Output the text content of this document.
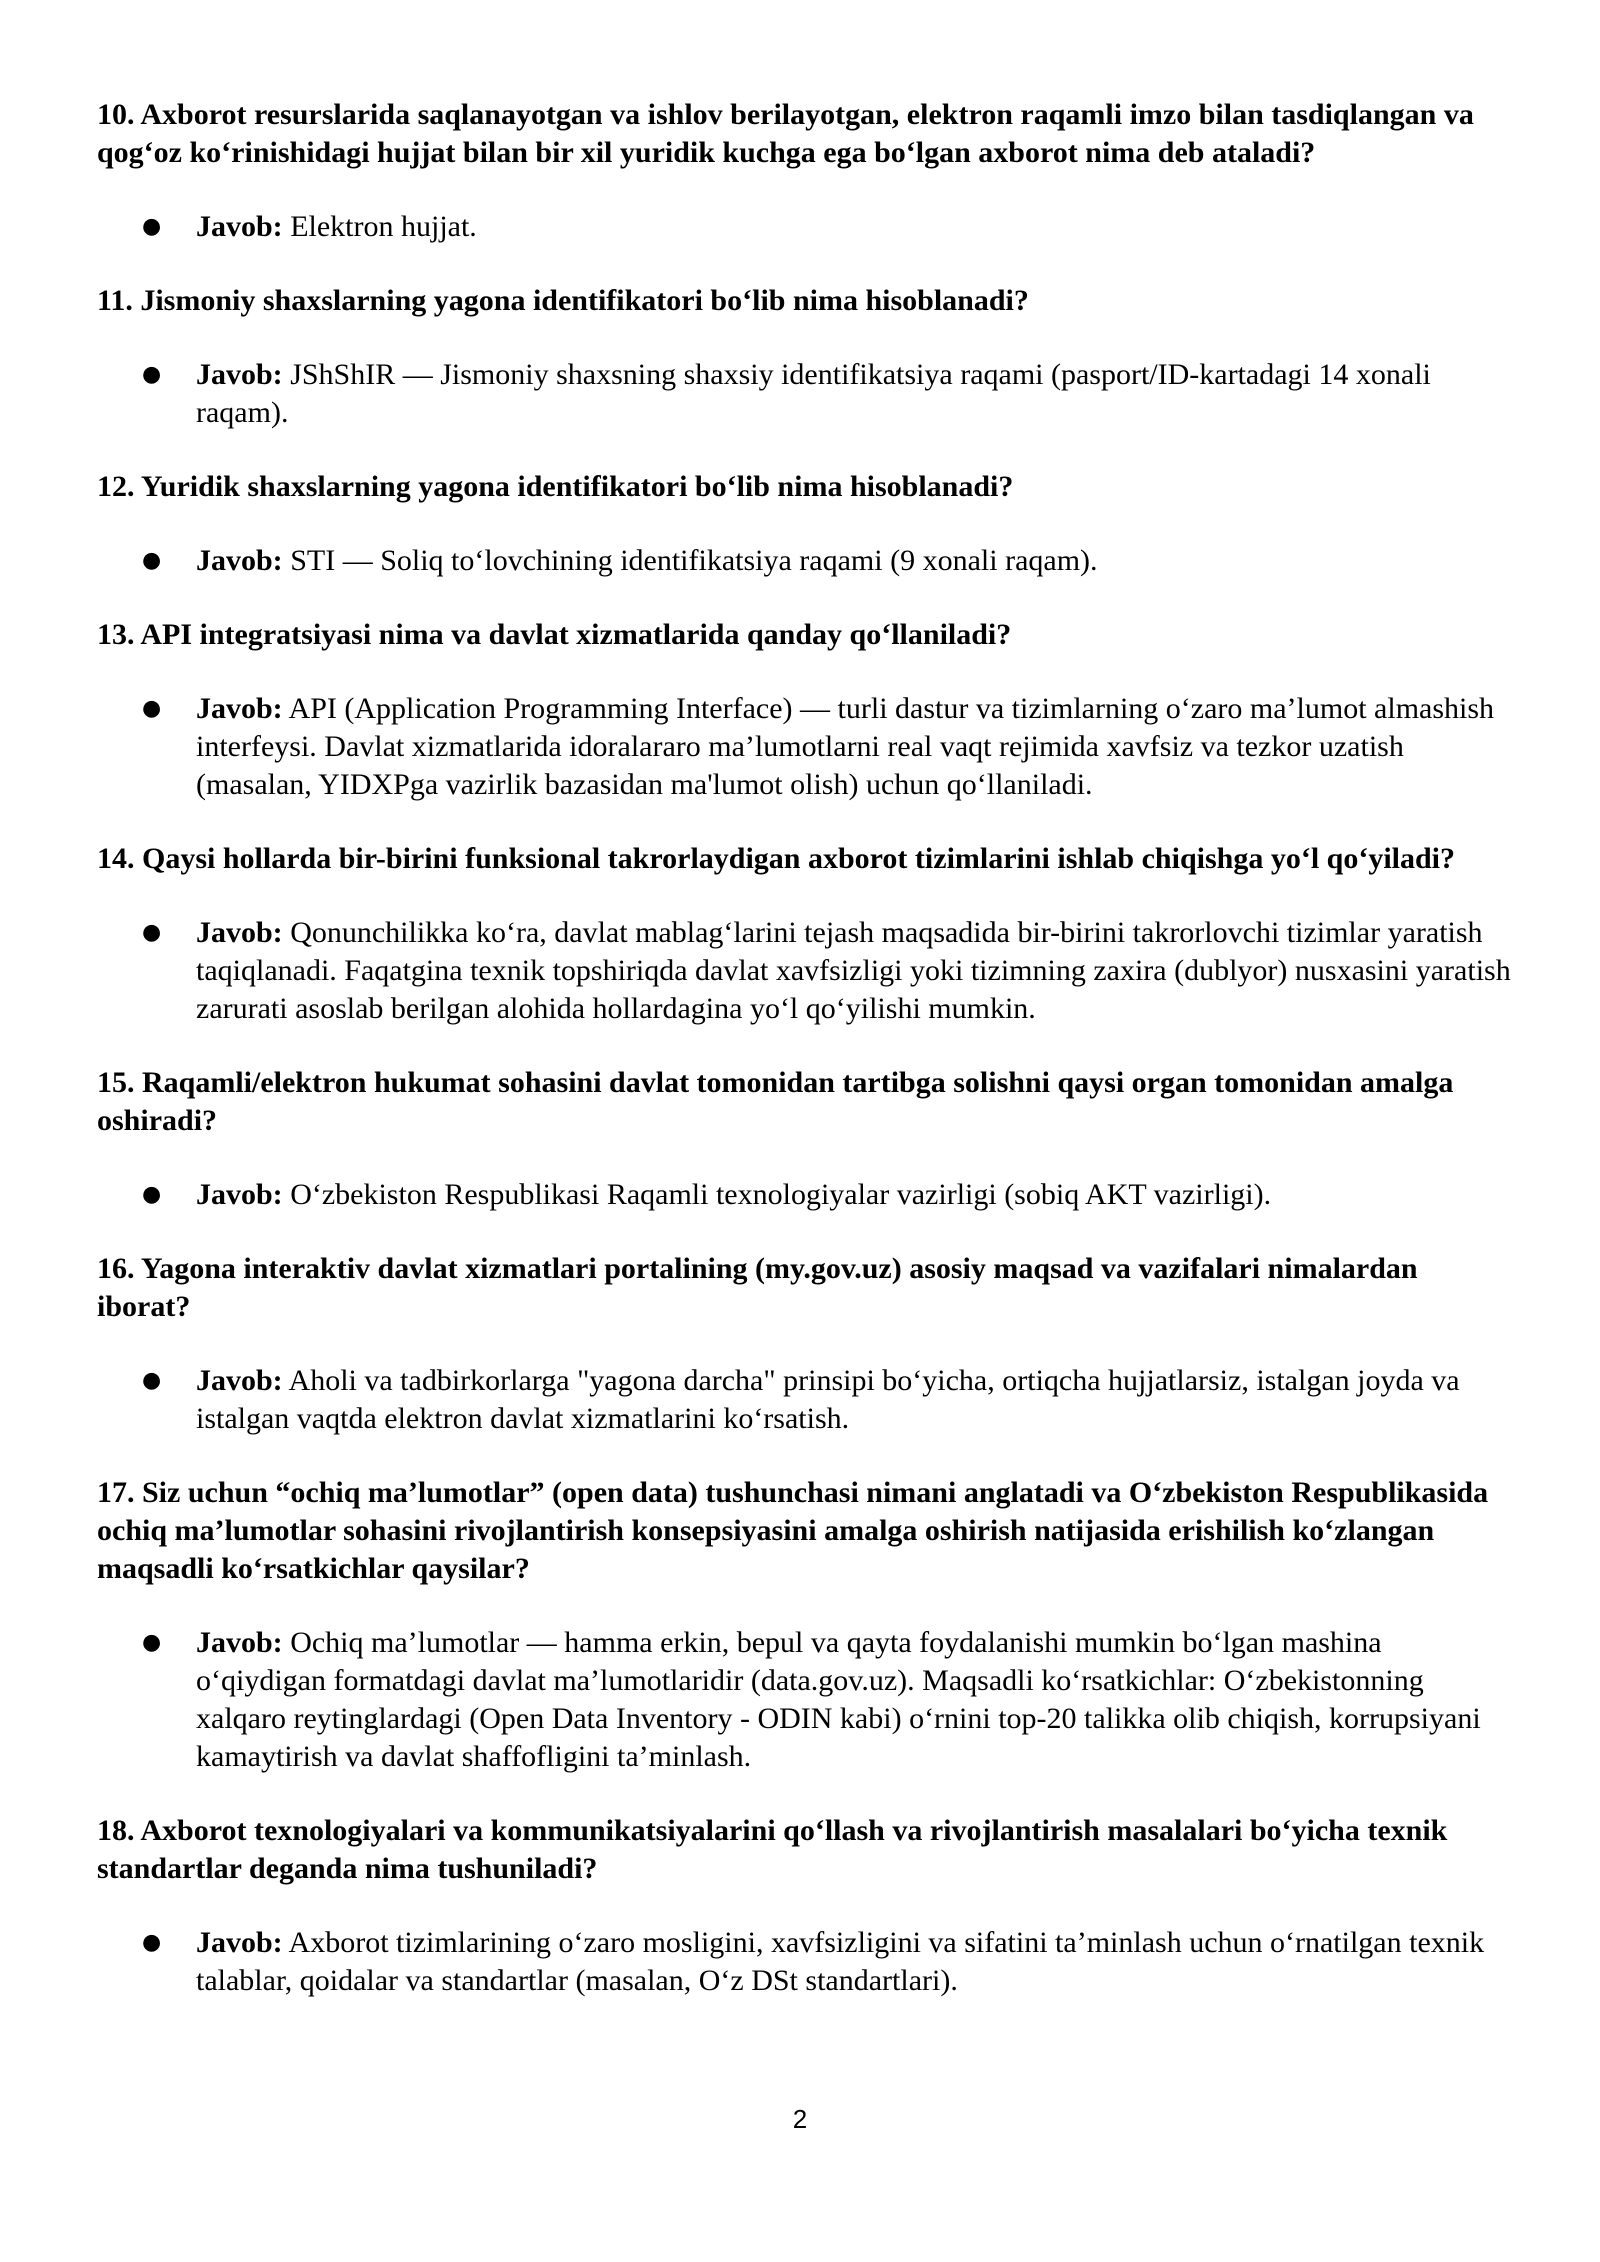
10. Axborot resurslarida saqlanayotgan va ishlov berilayotgan, elektron raqamli imzo bilan tasdiqlangan va qog‘oz ko‘rinishidagi hujjat bilan bir xil yuridik kuchga ega bo‘lgan axborot nima deb ataladi?

● Javob: Elektron hujjat.

11. Jismoniy shaxslarning yagona identifikatori bo‘lib nima hisoblanadi?

● Javob: JShShIR — Jismoniy shaxsning shaxsiy identifikatsiya raqami (pasport/ID-kartadagi 14 xonali raqam).

12. Yuridik shaxslarning yagona identifikatori bo‘lib nima hisoblanadi?

● Javob: STI — Soliq to‘lovchining identifikatsiya raqami (9 xonali raqam).

13. API integratsiyasi nima va davlat xizmatlarida qanday qo‘llaniladi?

● Javob: API (Application Programming Interface) — turli dastur va tizimlarning o‘zaro ma’lumot almashish interfeysi. Davlat xizmatlarida idoralararo ma’lumotlarni real vaqt rejimida xavfsiz va tezkor uzatish (masalan, YIDXPga vazirlik bazasidan ma'lumot olish) uchun qo‘llaniladi.

14. Qaysi hollarda bir-birini funksional takrorlaydigan axborot tizimlarini ishlab chiqishga yo‘l qo‘yiladi?

● Javob: Qonunchilikka ko‘ra, davlat mablag‘larini tejash maqsadida bir-birini takrorlovchi tizimlar yaratish taqiqlanadi. Faqatgina texnik topshiriqda davlat xavfsizligi yoki tizimning zaxira (dublyor) nusxasini yaratish zarurati asoslab berilgan alohida hollardagina yo‘l qo‘yilishi mumkin.

15. Raqamli/elektron hukumat sohasini davlat tomonidan tartibga solishni qaysi organ tomonidan amalga oshiradi?

● Javob: O‘zbekiston Respublikasi Raqamli texnologiyalar vazirligi (sobiq AKT vazirligi).

16. Yagona interaktiv davlat xizmatlari portalining (my.gov.uz) asosiy maqsad va vazifalari nimalardan iborat?

● Javob: Aholi va tadbirkorlarga "yagona darcha" prinsipi bo‘yicha, ortiqcha hujjatlarsiz, istalgan joyda va istalgan vaqtda elektron davlat xizmatlarini ko‘rsatish.

17. Siz uchun “ochiq ma’lumotlar” (open data) tushunchasi nimani anglatadi va O‘zbekiston Respublikasida ochiq ma’lumotlar sohasini rivojlantirish konsepsiyasini amalga oshirish natijasida erishilish ko‘zlangan maqsadli ko‘rsatkichlar qaysilar?

● Javob: Ochiq ma’lumotlar — hamma erkin, bepul va qayta foydalanishi mumkin bo‘lgan mashina o‘qiydigan formatdagi davlat ma’lumotlaridir (data.gov.uz). Maqsadli ko‘rsatkichlar: O‘zbekistonning xalqaro reytinglardagi (Open Data Inventory - ODIN kabi) o‘rnini top-20 talikka olib chiqish, korrupsiyani kamaytirish va davlat shaffofligini ta’minlash.

18. Axborot texnologiyalari va kommunikatsiyalarini qo‘llash va rivojlantirish masalalari bo‘yicha texnik standartlar deganda nima tushuniladi?

● Javob: Axborot tizimlarining o‘zaro mosligini, xavfsizligini va sifatini ta’minlash uchun o‘rnatilgan texnik talablar, qoidalar va standartlar (masalan, O‘z DSt standartlari).
2
